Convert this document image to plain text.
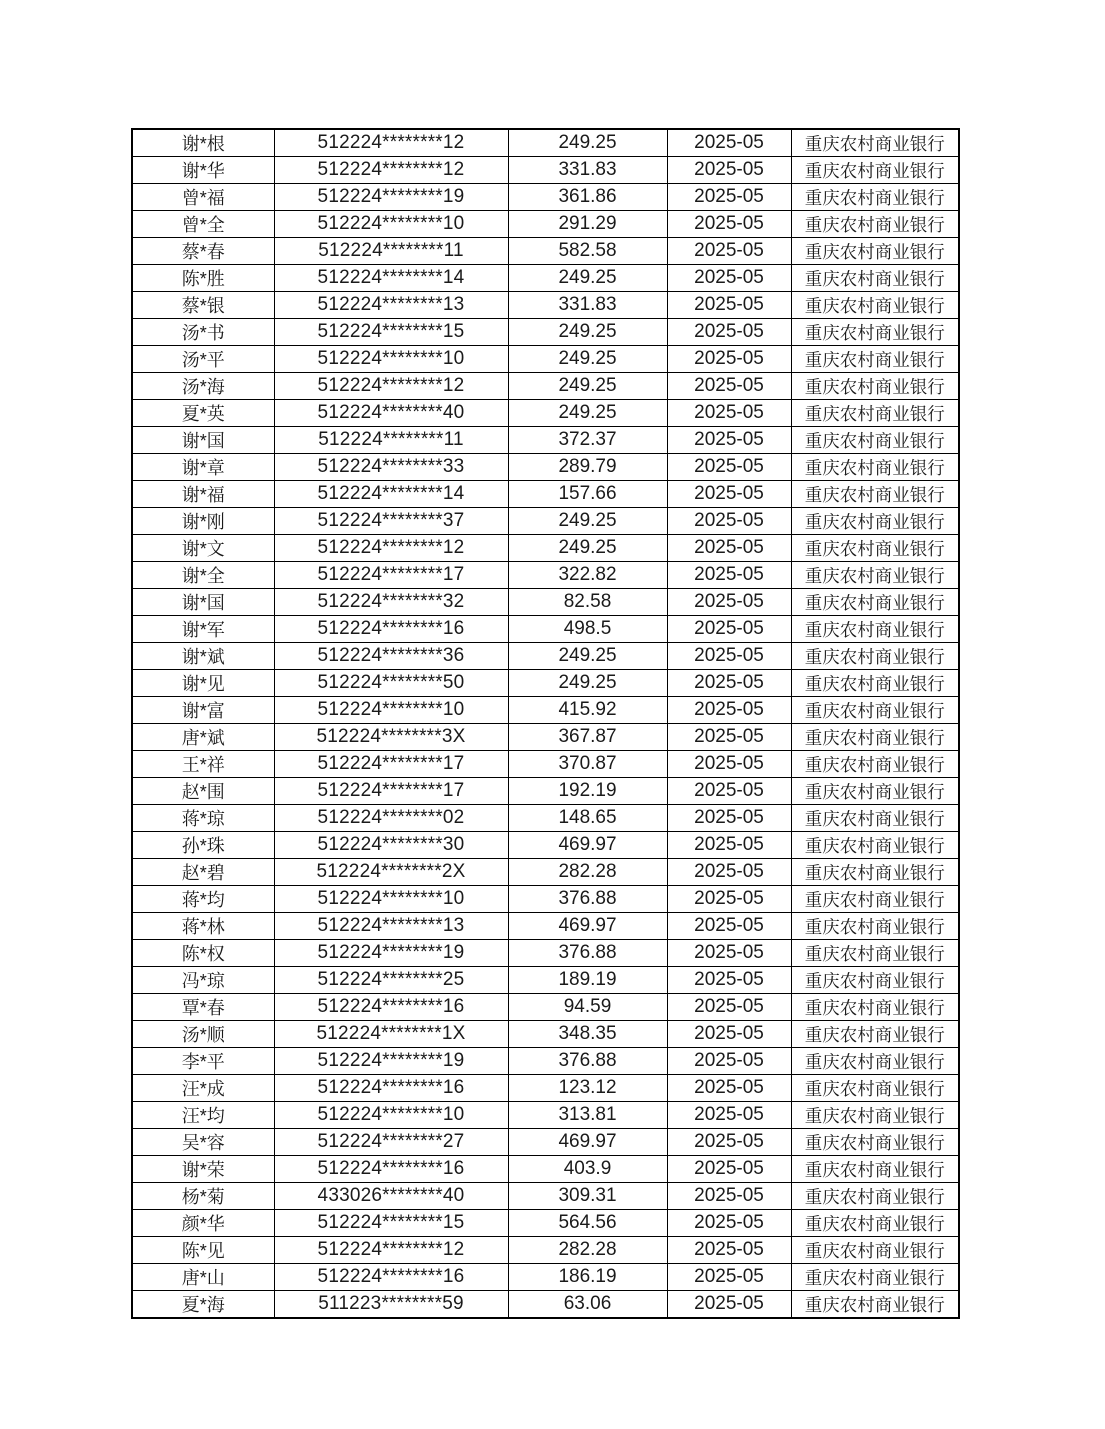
谢*根	512224********12	249.25	2025-05	重庆农村商业银行
谢*华	512224********12	331.83	2025-05	重庆农村商业银行
曾*福	512224********19	361.86	2025-05	重庆农村商业银行
曾*全	512224********10	291.29	2025-05	重庆农村商业银行
蔡*春	512224********11	582.58	2025-05	重庆农村商业银行
陈*胜	512224********14	249.25	2025-05	重庆农村商业银行
蔡*银	512224********13	331.83	2025-05	重庆农村商业银行
汤*书	512224********15	249.25	2025-05	重庆农村商业银行
汤*平	512224********10	249.25	2025-05	重庆农村商业银行
汤*海	512224********12	249.25	2025-05	重庆农村商业银行
夏*英	512224********40	249.25	2025-05	重庆农村商业银行
谢*国	512224********11	372.37	2025-05	重庆农村商业银行
谢*章	512224********33	289.79	2025-05	重庆农村商业银行
谢*福	512224********14	157.66	2025-05	重庆农村商业银行
谢*刚	512224********37	249.25	2025-05	重庆农村商业银行
谢*文	512224********12	249.25	2025-05	重庆农村商业银行
谢*全	512224********17	322.82	2025-05	重庆农村商业银行
谢*国	512224********32	82.58	2025-05	重庆农村商业银行
谢*军	512224********16	498.5	2025-05	重庆农村商业银行
谢*斌	512224********36	249.25	2025-05	重庆农村商业银行
谢*见	512224********50	249.25	2025-05	重庆农村商业银行
谢*富	512224********10	415.92	2025-05	重庆农村商业银行
唐*斌	512224********3X	367.87	2025-05	重庆农村商业银行
王*祥	512224********17	370.87	2025-05	重庆农村商业银行
赵*围	512224********17	192.19	2025-05	重庆农村商业银行
蒋*琼	512224********02	148.65	2025-05	重庆农村商业银行
孙*珠	512224********30	469.97	2025-05	重庆农村商业银行
赵*碧	512224********2X	282.28	2025-05	重庆农村商业银行
蒋*均	512224********10	376.88	2025-05	重庆农村商业银行
蒋*林	512224********13	469.97	2025-05	重庆农村商业银行
陈*权	512224********19	376.88	2025-05	重庆农村商业银行
冯*琼	512224********25	189.19	2025-05	重庆农村商业银行
覃*春	512224********16	94.59	2025-05	重庆农村商业银行
汤*顺	512224********1X	348.35	2025-05	重庆农村商业银行
李*平	512224********19	376.88	2025-05	重庆农村商业银行
汪*成	512224********16	123.12	2025-05	重庆农村商业银行
汪*均	512224********10	313.81	2025-05	重庆农村商业银行
吴*容	512224********27	469.97	2025-05	重庆农村商业银行
谢*荣	512224********16	403.9	2025-05	重庆农村商业银行
杨*菊	433026********40	309.31	2025-05	重庆农村商业银行
颜*华	512224********15	564.56	2025-05	重庆农村商业银行
陈*见	512224********12	282.28	2025-05	重庆农村商业银行
唐*山	512224********16	186.19	2025-05	重庆农村商业银行
夏*海	511223********59	63.06	2025-05	重庆农村商业银行
